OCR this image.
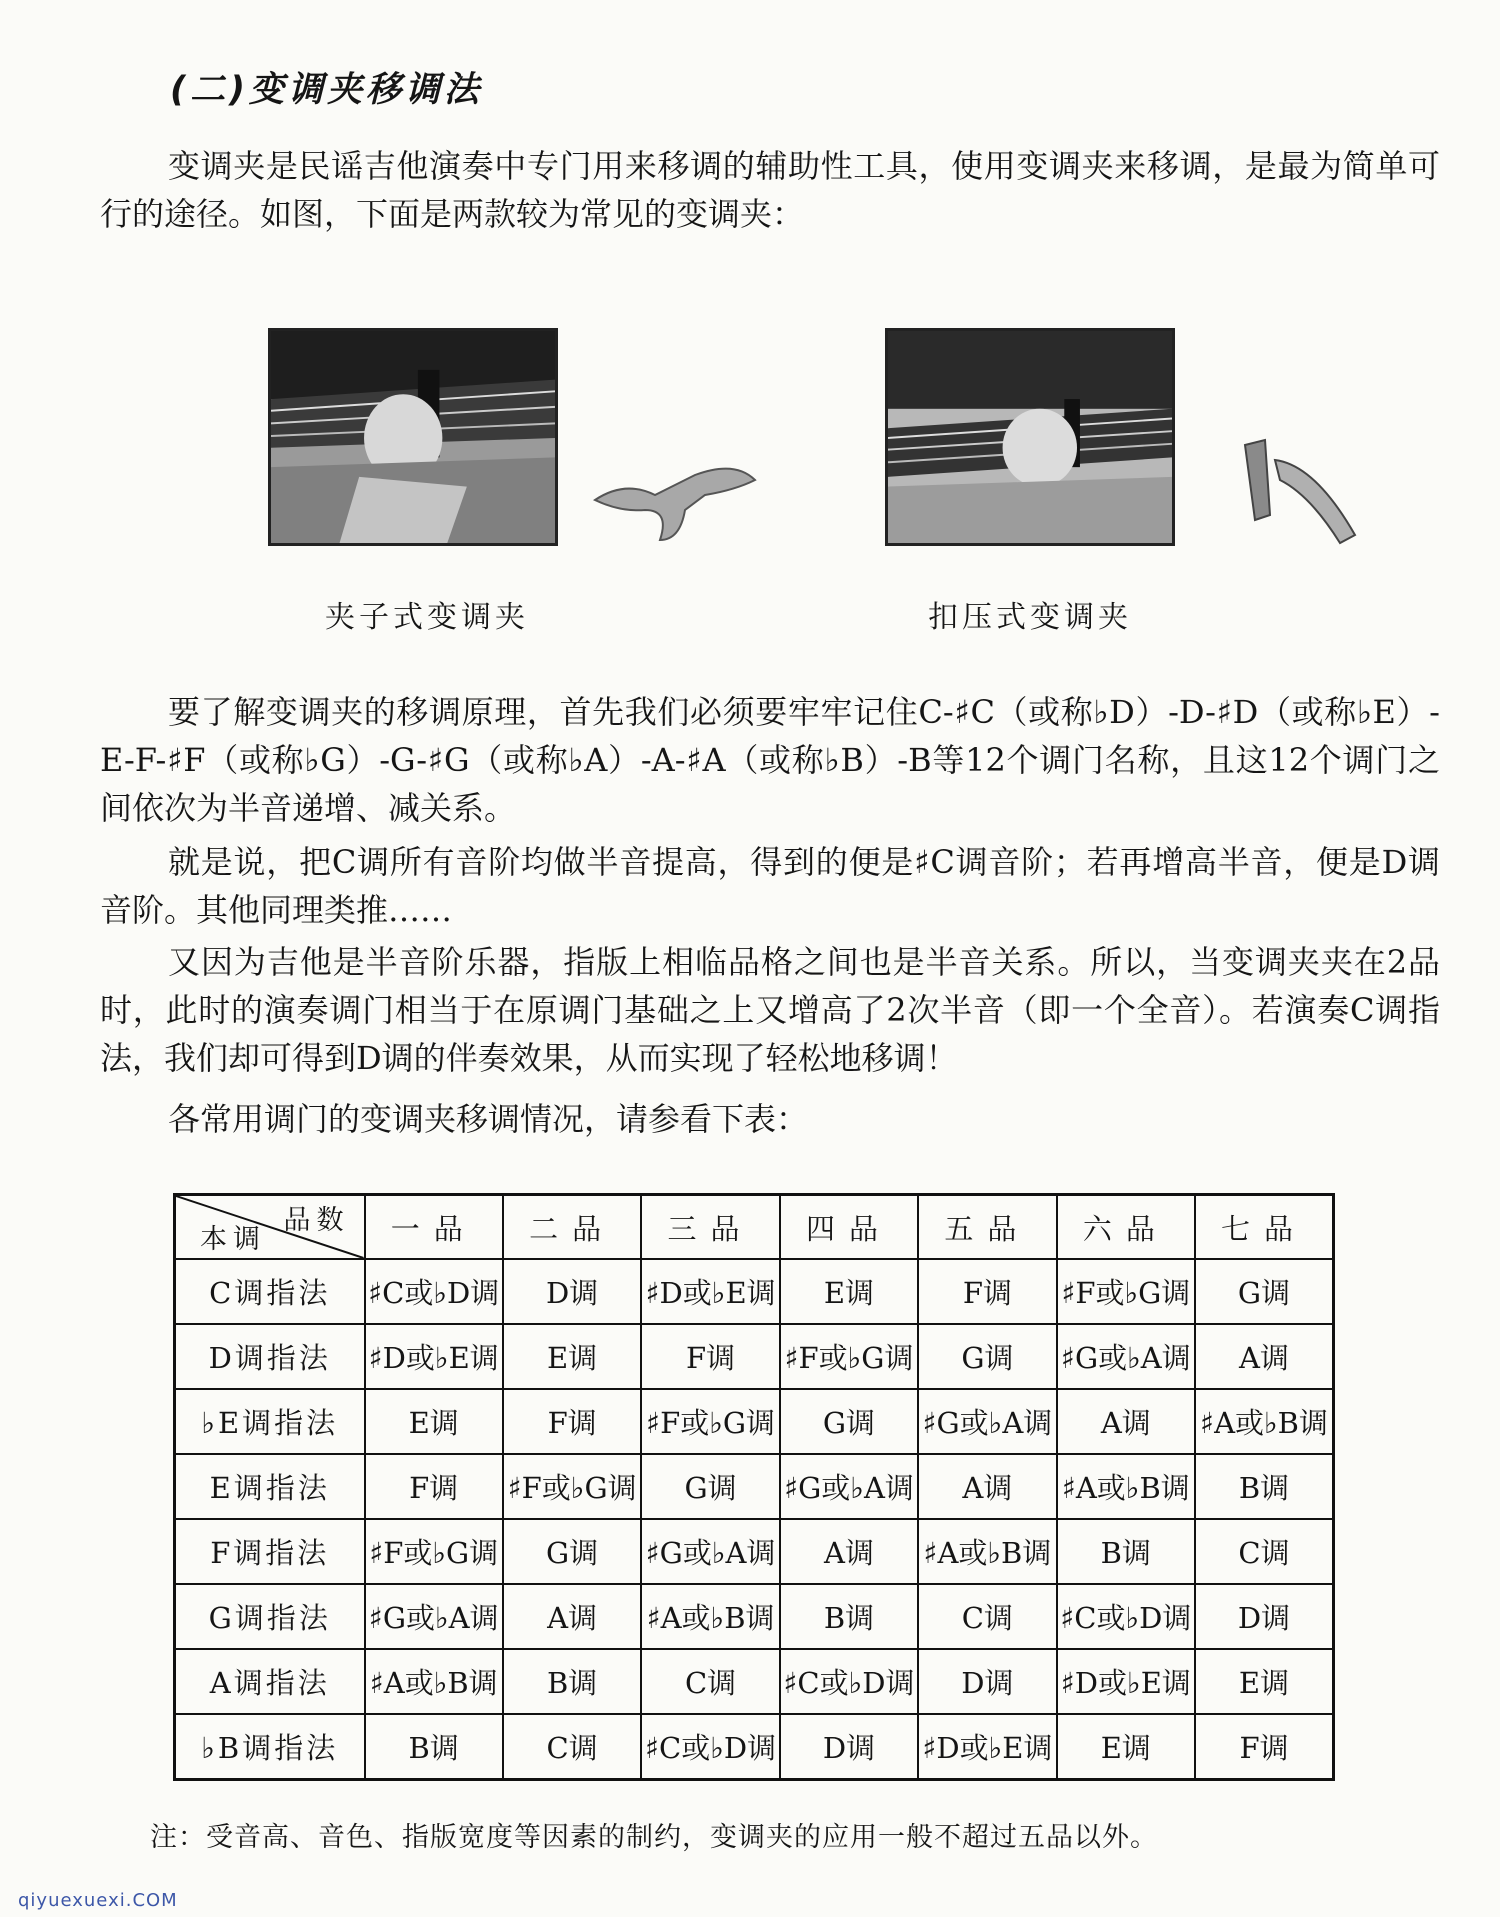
(二)变调夹移调法

变调夹是民谣吉他演奏中专门用来移调的辅助性工具，使用变调夹来移调，是最为简单可行的途径。如图，下面是两款较为常见的变调夹：

夹子式变调夹	扣压式变调夹

要了解变调夹的移调原理，首先我们必须要牢牢记住C-♯C（或称♭D）-D-♯D（或称♭E）-E-F-♯F（或称♭G）-G-♯G（或称♭A）-A-♯A（或称♭B）-B等12个调门名称，且这12个调门之间依次为半音递增、减关系。

就是说，把C调所有音阶均做半音提高，得到的便是♯C调音阶；若再增高半音，便是D调音阶。其他同理类推……

又因为吉他是半音阶乐器，指版上相临品格之间也是半音关系。所以，当变调夹夹在2品时，此时的演奏调门相当于在原调门基础之上又增高了2次半音（即一个全音）。若演奏C调指法，我们却可得到D调的伴奏效果，从而实现了轻松地移调！

各常用调门的变调夹移调情况，请参看下表：

品数
本调	一品	二品	三品	四品	五品	六品	七品
C调指法	♯C或♭D调	D调	♯D或♭E调	E调	F调	♯F或♭G调	G调
D调指法	♯D或♭E调	E调	F调	♯F或♭G调	G调	♯G或♭A调	A调
♭E调指法	E调	F调	♯F或♭G调	G调	♯G或♭A调	A调	♯A或♭B调
E调指法	F调	♯F或♭G调	G调	♯G或♭A调	A调	♯A或♭B调	B调
F调指法	♯F或♭G调	G调	♯G或♭A调	A调	♯A或♭B调	B调	C调
G调指法	♯G或♭A调	A调	♯A或♭B调	B调	C调	♯C或♭D调	D调
A调指法	♯A或♭B调	B调	C调	♯C或♭D调	D调	♯D或♭E调	E调
♭B调指法	B调	C调	♯C或♭D调	D调	♯D或♭E调	E调	F调
注：受音高、音色、指版宽度等因素的制约，变调夹的应用一般不超过五品以外。
qiyuexuexi.COM
